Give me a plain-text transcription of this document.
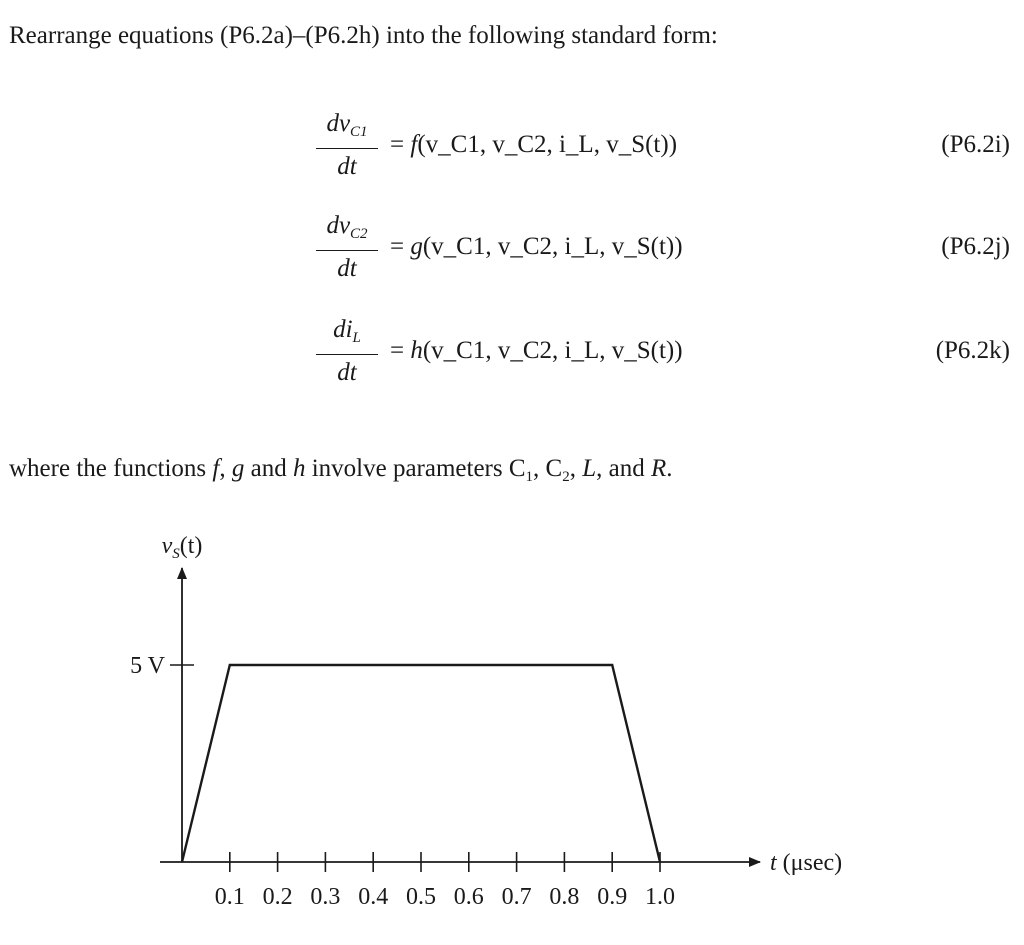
Rearrange equations (P6.2a)–(P6.2h) into the following standard form:
$dv_{C1}$
dt
= f(v_C1, v_C2, i_L, v_S(t))	(P6.2i)
$dv_{C2}$
dt
= g(v_C1, v_C2, i_L, v_S(t))	(P6.2j)
$di_L$
dt
= h(v_C1, v_C2, i_L, v_S(t))	(P6.2k)
where the functions f, g and h involve parameters $C_1$, $C_2$, L, and R.
5 V
0.1 0.2 0.3 0.4 0.5 0.6 0.7 0.8 0.9 1.0
$v_S(t)$
t (μsec)
